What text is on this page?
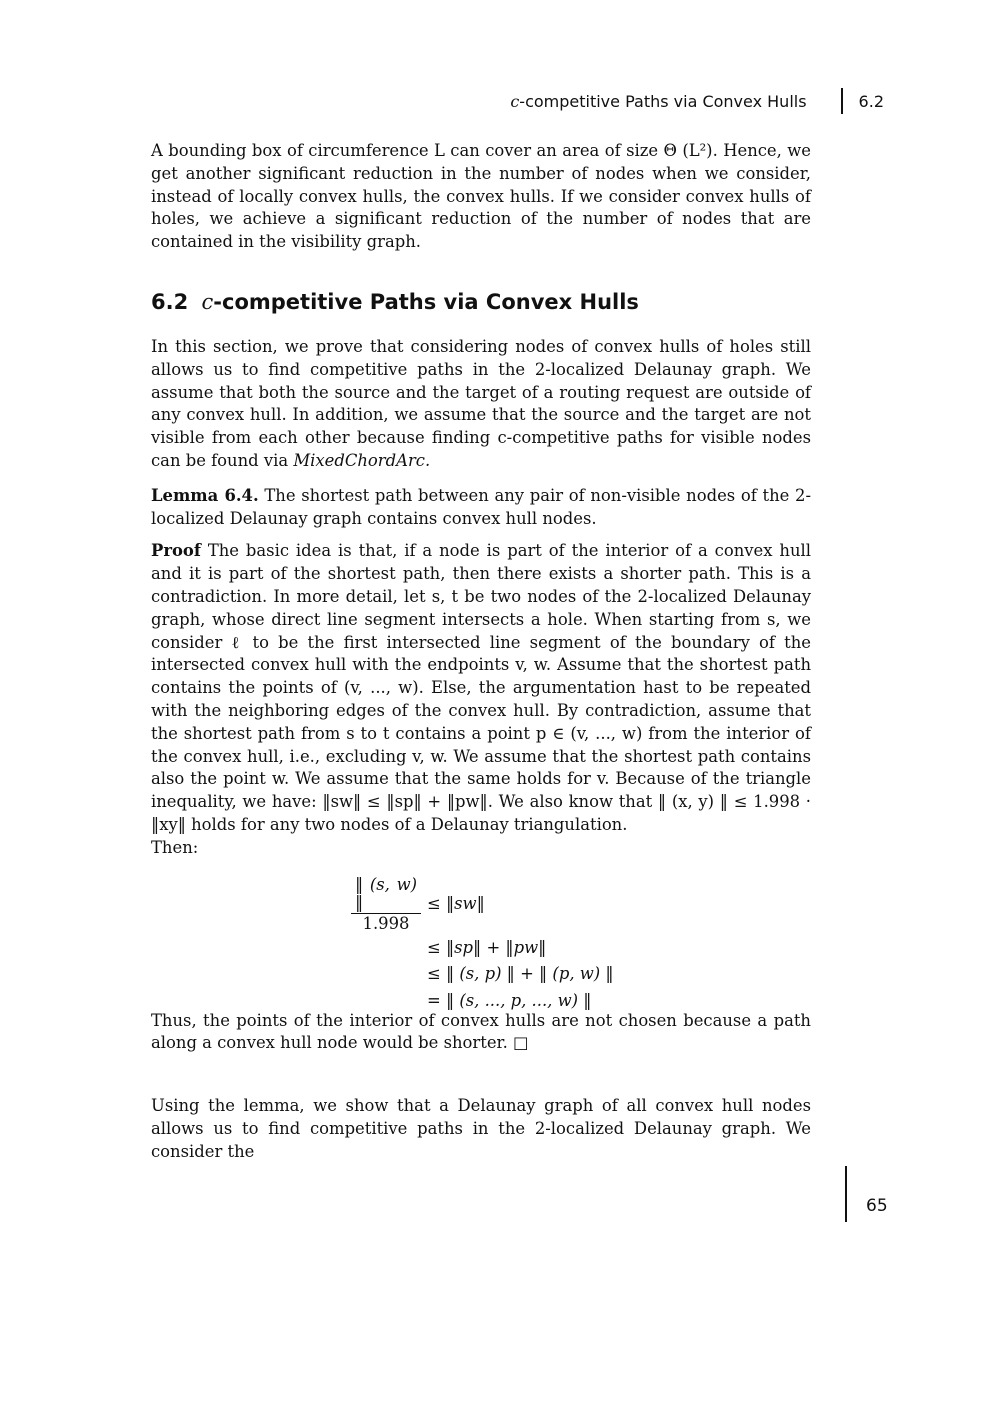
c-competitive Paths via Convex Hulls	6.2

A bounding box of circumference L can cover an area of size Θ (L²). Hence, we get another significant reduction in the number of nodes when we consider, instead of locally convex hulls, the convex hulls. If we consider convex hulls of holes, we achieve a significant reduction of the number of nodes that are contained in the visibility graph.

6.2 c-competitive Paths via Convex Hulls

In this section, we prove that considering nodes of convex hulls of holes still allows us to find competitive paths in the 2-localized Delaunay graph. We assume that both the source and the target of a routing request are outside of any convex hull. In addition, we assume that the source and the target are not visible from each other because finding c-competitive paths for visible nodes can be found via MixedChordArc.

Lemma 6.4. The shortest path between any pair of non-visible nodes of the 2-localized Delaunay graph contains convex hull nodes.

Proof The basic idea is that, if a node is part of the interior of a convex hull and it is part of the shortest path, then there exists a shorter path. This is a contradiction. In more detail, let s, t be two nodes of the 2-localized Delaunay graph, whose direct line segment intersects a hole. When starting from s, we consider ℓ to be the first intersected line segment of the boundary of the intersected convex hull with the endpoints v, w. Assume that the shortest path contains the points of (v, ..., w). Else, the argumentation hast to be repeated with the neighboring edges of the convex hull. By contradiction, assume that the shortest path from s to t contains a point p ∈ (v, ..., w) from the interior of the convex hull, i.e., excluding v, w. We assume that the shortest path contains also the point w. We assume that the same holds for v. Because of the triangle inequality, we have: ‖sw‖ ≤ ‖sp‖ + ‖pw‖. We also know that ‖ (x, y) ‖ ≤ 1.998 · ‖xy‖ holds for any two nodes of a Delaunay triangulation.

Then:

$\frac{‖ (s, w) ‖}{1.998}$ ≤ ‖sw‖
≤ ‖sp‖ + ‖pw‖
≤ ‖ (s, p) ‖ + ‖ (p, w) ‖
= ‖ (s, ..., p, ..., w) ‖

Thus, the points of the interior of convex hulls are not chosen because a path along a convex hull node would be shorter. □

Using the lemma, we show that a Delaunay graph of all convex hull nodes allows us to find competitive paths in the 2-localized Delaunay graph. We consider the

65
